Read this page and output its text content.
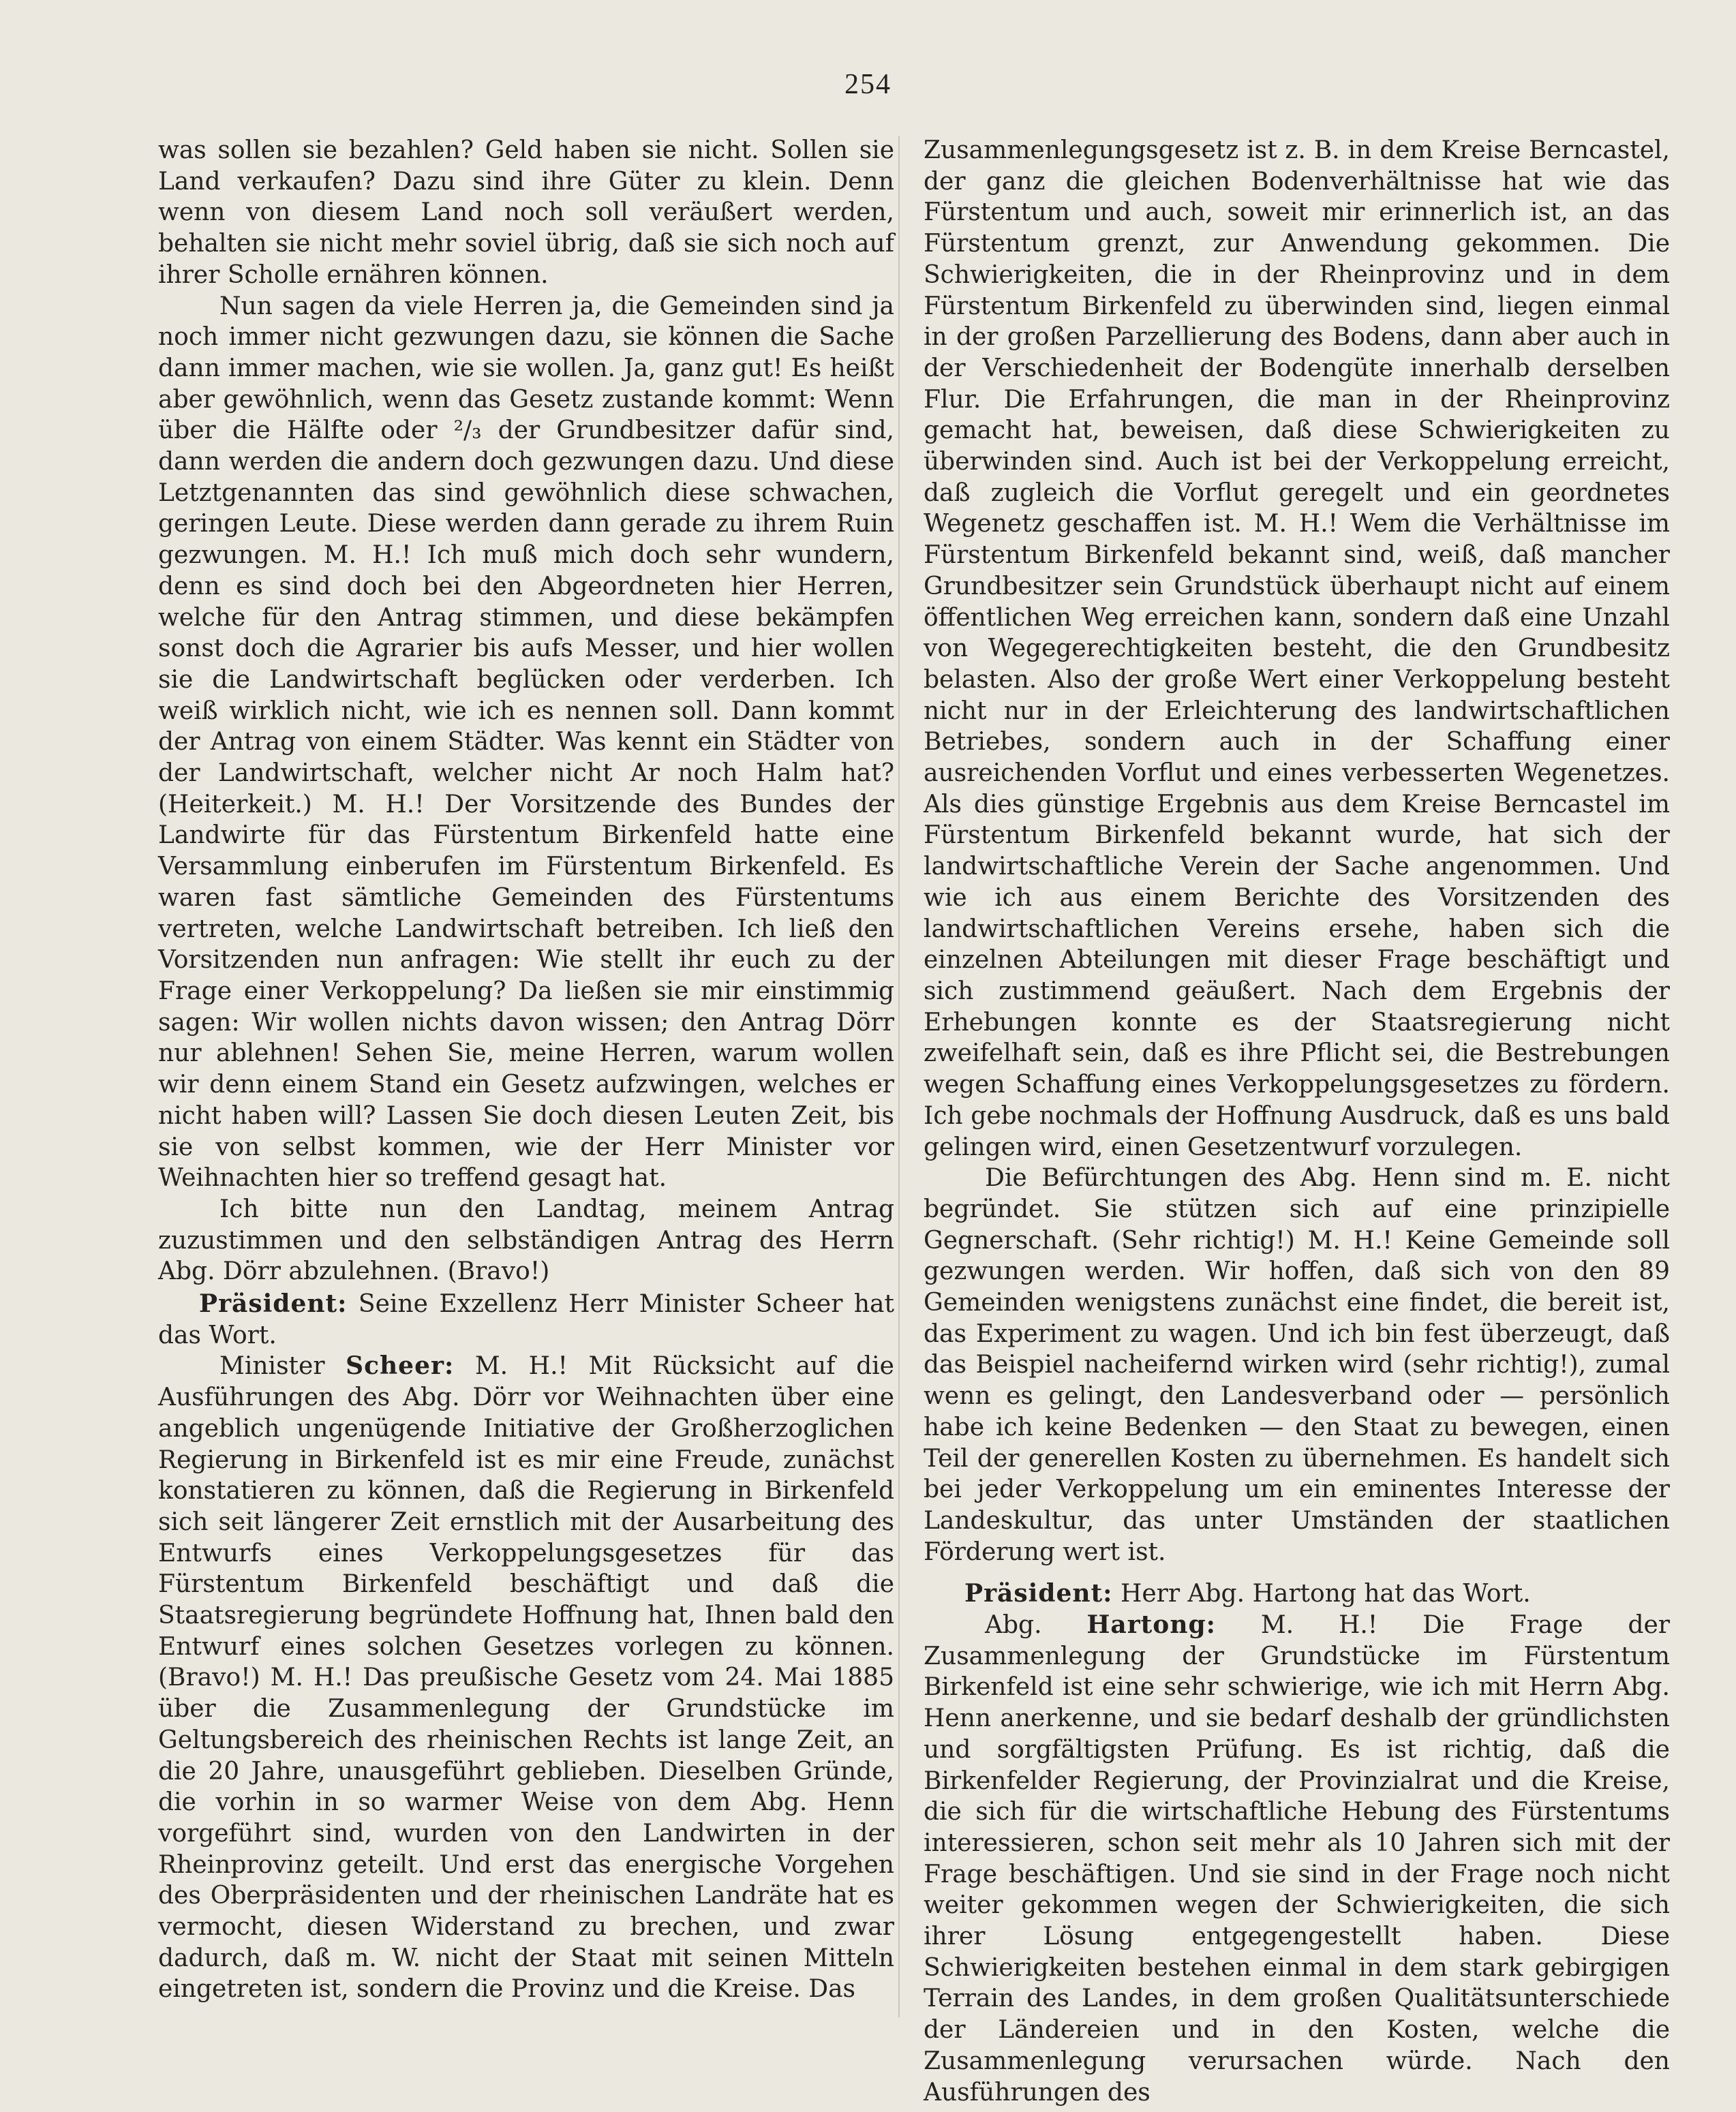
254

was sollen sie bezahlen? Geld haben sie nicht. Sollen sie Land verkaufen? Dazu sind ihre Güter zu klein. Denn wenn von diesem Land noch soll veräußert werden, behalten sie nicht mehr soviel übrig, daß sie sich noch auf ihrer Scholle ernähren können.

Nun sagen da viele Herren ja, die Gemeinden sind ja noch immer nicht gezwungen dazu, sie können die Sache dann immer machen, wie sie wollen. Ja, ganz gut! Es heißt aber gewöhnlich, wenn das Gesetz zustande kommt: Wenn über die Hälfte oder ²/₃ der Grundbesitzer dafür sind, dann werden die andern doch gezwungen dazu. Und diese Letztgenannten das sind gewöhnlich diese schwachen, geringen Leute. Diese werden dann gerade zu ihrem Ruin gezwungen. M. H.! Ich muß mich doch sehr wundern, denn es sind doch bei den Abgeordneten hier Herren, welche für den Antrag stimmen, und diese bekämpfen sonst doch die Agrarier bis aufs Messer, und hier wollen sie die Landwirtschaft beglücken oder verderben. Ich weiß wirklich nicht, wie ich es nennen soll. Dann kommt der Antrag von einem Städter. Was kennt ein Städter von der Landwirtschaft, welcher nicht Ar noch Halm hat? (Heiterkeit.) M. H.! Der Vorsitzende des Bundes der Landwirte für das Fürstentum Birkenfeld hatte eine Versammlung einberufen im Fürstentum Birkenfeld. Es waren fast sämtliche Gemeinden des Fürstentums vertreten, welche Landwirtschaft betreiben. Ich ließ den Vorsitzenden nun anfragen: Wie stellt ihr euch zu der Frage einer Verkoppelung? Da ließen sie mir einstimmig sagen: Wir wollen nichts davon wissen; den Antrag Dörr nur ablehnen! Sehen Sie, meine Herren, warum wollen wir denn einem Stand ein Gesetz aufzwingen, welches er nicht haben will? Lassen Sie doch diesen Leuten Zeit, bis sie von selbst kommen, wie der Herr Minister vor Weihnachten hier so treffend gesagt hat.

Ich bitte nun den Landtag, meinem Antrag zuzustimmen und den selbständigen Antrag des Herrn Abg. Dörr abzulehnen. (Bravo!)

Präsident: Seine Exzellenz Herr Minister Scheer hat das Wort.

Minister Scheer: M. H.! Mit Rücksicht auf die Ausführungen des Abg. Dörr vor Weihnachten über eine angeblich ungenügende Initiative der Großherzoglichen Regierung in Birkenfeld ist es mir eine Freude, zunächst konstatieren zu können, daß die Regierung in Birkenfeld sich seit längerer Zeit ernstlich mit der Ausarbeitung des Entwurfs eines Verkoppelungsgesetzes für das Fürstentum Birkenfeld beschäftigt und daß die Staatsregierung begründete Hoffnung hat, Ihnen bald den Entwurf eines solchen Gesetzes vorlegen zu können. (Bravo!) M. H.! Das preußische Gesetz vom 24. Mai 1885 über die Zusammenlegung der Grundstücke im Geltungsbereich des rheinischen Rechts ist lange Zeit, an die 20 Jahre, unausgeführt geblieben. Dieselben Gründe, die vorhin in so warmer Weise von dem Abg. Henn vorgeführt sind, wurden von den Landwirten in der Rheinprovinz geteilt. Und erst das energische Vorgehen des Oberpräsidenten und der rheinischen Landräte hat es vermocht, diesen Widerstand zu brechen, und zwar dadurch, daß m. W. nicht der Staat mit seinen Mitteln eingetreten ist, sondern die Provinz und die Kreise. Das

Zusammenlegungsgesetz ist z. B. in dem Kreise Berncastel, der ganz die gleichen Bodenverhältnisse hat wie das Fürstentum und auch, soweit mir erinnerlich ist, an das Fürstentum grenzt, zur Anwendung gekommen. Die Schwierigkeiten, die in der Rheinprovinz und in dem Fürstentum Birkenfeld zu überwinden sind, liegen einmal in der großen Parzellierung des Bodens, dann aber auch in der Verschiedenheit der Bodengüte innerhalb derselben Flur. Die Erfahrungen, die man in der Rheinprovinz gemacht hat, beweisen, daß diese Schwierigkeiten zu überwinden sind. Auch ist bei der Verkoppelung erreicht, daß zugleich die Vorflut geregelt und ein geordnetes Wegenetz geschaffen ist. M. H.! Wem die Verhältnisse im Fürstentum Birkenfeld bekannt sind, weiß, daß mancher Grundbesitzer sein Grundstück überhaupt nicht auf einem öffentlichen Weg erreichen kann, sondern daß eine Unzahl von Wegegerechtigkeiten besteht, die den Grundbesitz belasten. Also der große Wert einer Verkoppelung besteht nicht nur in der Erleichterung des landwirtschaftlichen Betriebes, sondern auch in der Schaffung einer ausreichenden Vorflut und eines verbesserten Wegenetzes. Als dies günstige Ergebnis aus dem Kreise Berncastel im Fürstentum Birkenfeld bekannt wurde, hat sich der landwirtschaftliche Verein der Sache angenommen. Und wie ich aus einem Berichte des Vorsitzenden des landwirtschaftlichen Vereins ersehe, haben sich die einzelnen Abteilungen mit dieser Frage beschäftigt und sich zustimmend geäußert. Nach dem Ergebnis der Erhebungen konnte es der Staatsregierung nicht zweifelhaft sein, daß es ihre Pflicht sei, die Bestrebungen wegen Schaffung eines Verkoppelungsgesetzes zu fördern. Ich gebe nochmals der Hoffnung Ausdruck, daß es uns bald gelingen wird, einen Gesetzentwurf vorzulegen.

Die Befürchtungen des Abg. Henn sind m. E. nicht begründet. Sie stützen sich auf eine prinzipielle Gegnerschaft. (Sehr richtig!) M. H.! Keine Gemeinde soll gezwungen werden. Wir hoffen, daß sich von den 89 Gemeinden wenigstens zunächst eine findet, die bereit ist, das Experiment zu wagen. Und ich bin fest überzeugt, daß das Beispiel nacheifernd wirken wird (sehr richtig!), zumal wenn es gelingt, den Landesverband oder — persönlich habe ich keine Bedenken — den Staat zu bewegen, einen Teil der generellen Kosten zu übernehmen. Es handelt sich bei jeder Verkoppelung um ein eminentes Interesse der Landeskultur, das unter Umständen der staatlichen Förderung wert ist.

Präsident: Herr Abg. Hartong hat das Wort.

Abg. Hartong: M. H.! Die Frage der Zusammenlegung der Grundstücke im Fürstentum Birkenfeld ist eine sehr schwierige, wie ich mit Herrn Abg. Henn anerkenne, und sie bedarf deshalb der gründlichsten und sorgfältigsten Prüfung. Es ist richtig, daß die Birkenfelder Regierung, der Provinzialrat und die Kreise, die sich für die wirtschaftliche Hebung des Fürstentums interessieren, schon seit mehr als 10 Jahren sich mit der Frage beschäftigen. Und sie sind in der Frage noch nicht weiter gekommen wegen der Schwierigkeiten, die sich ihrer Lösung entgegengestellt haben. Diese Schwierigkeiten bestehen einmal in dem stark gebirgigen Terrain des Landes, in dem großen Qualitätsunterschiede der Ländereien und in den Kosten, welche die Zusammenlegung verursachen würde. Nach den Ausführungen des
